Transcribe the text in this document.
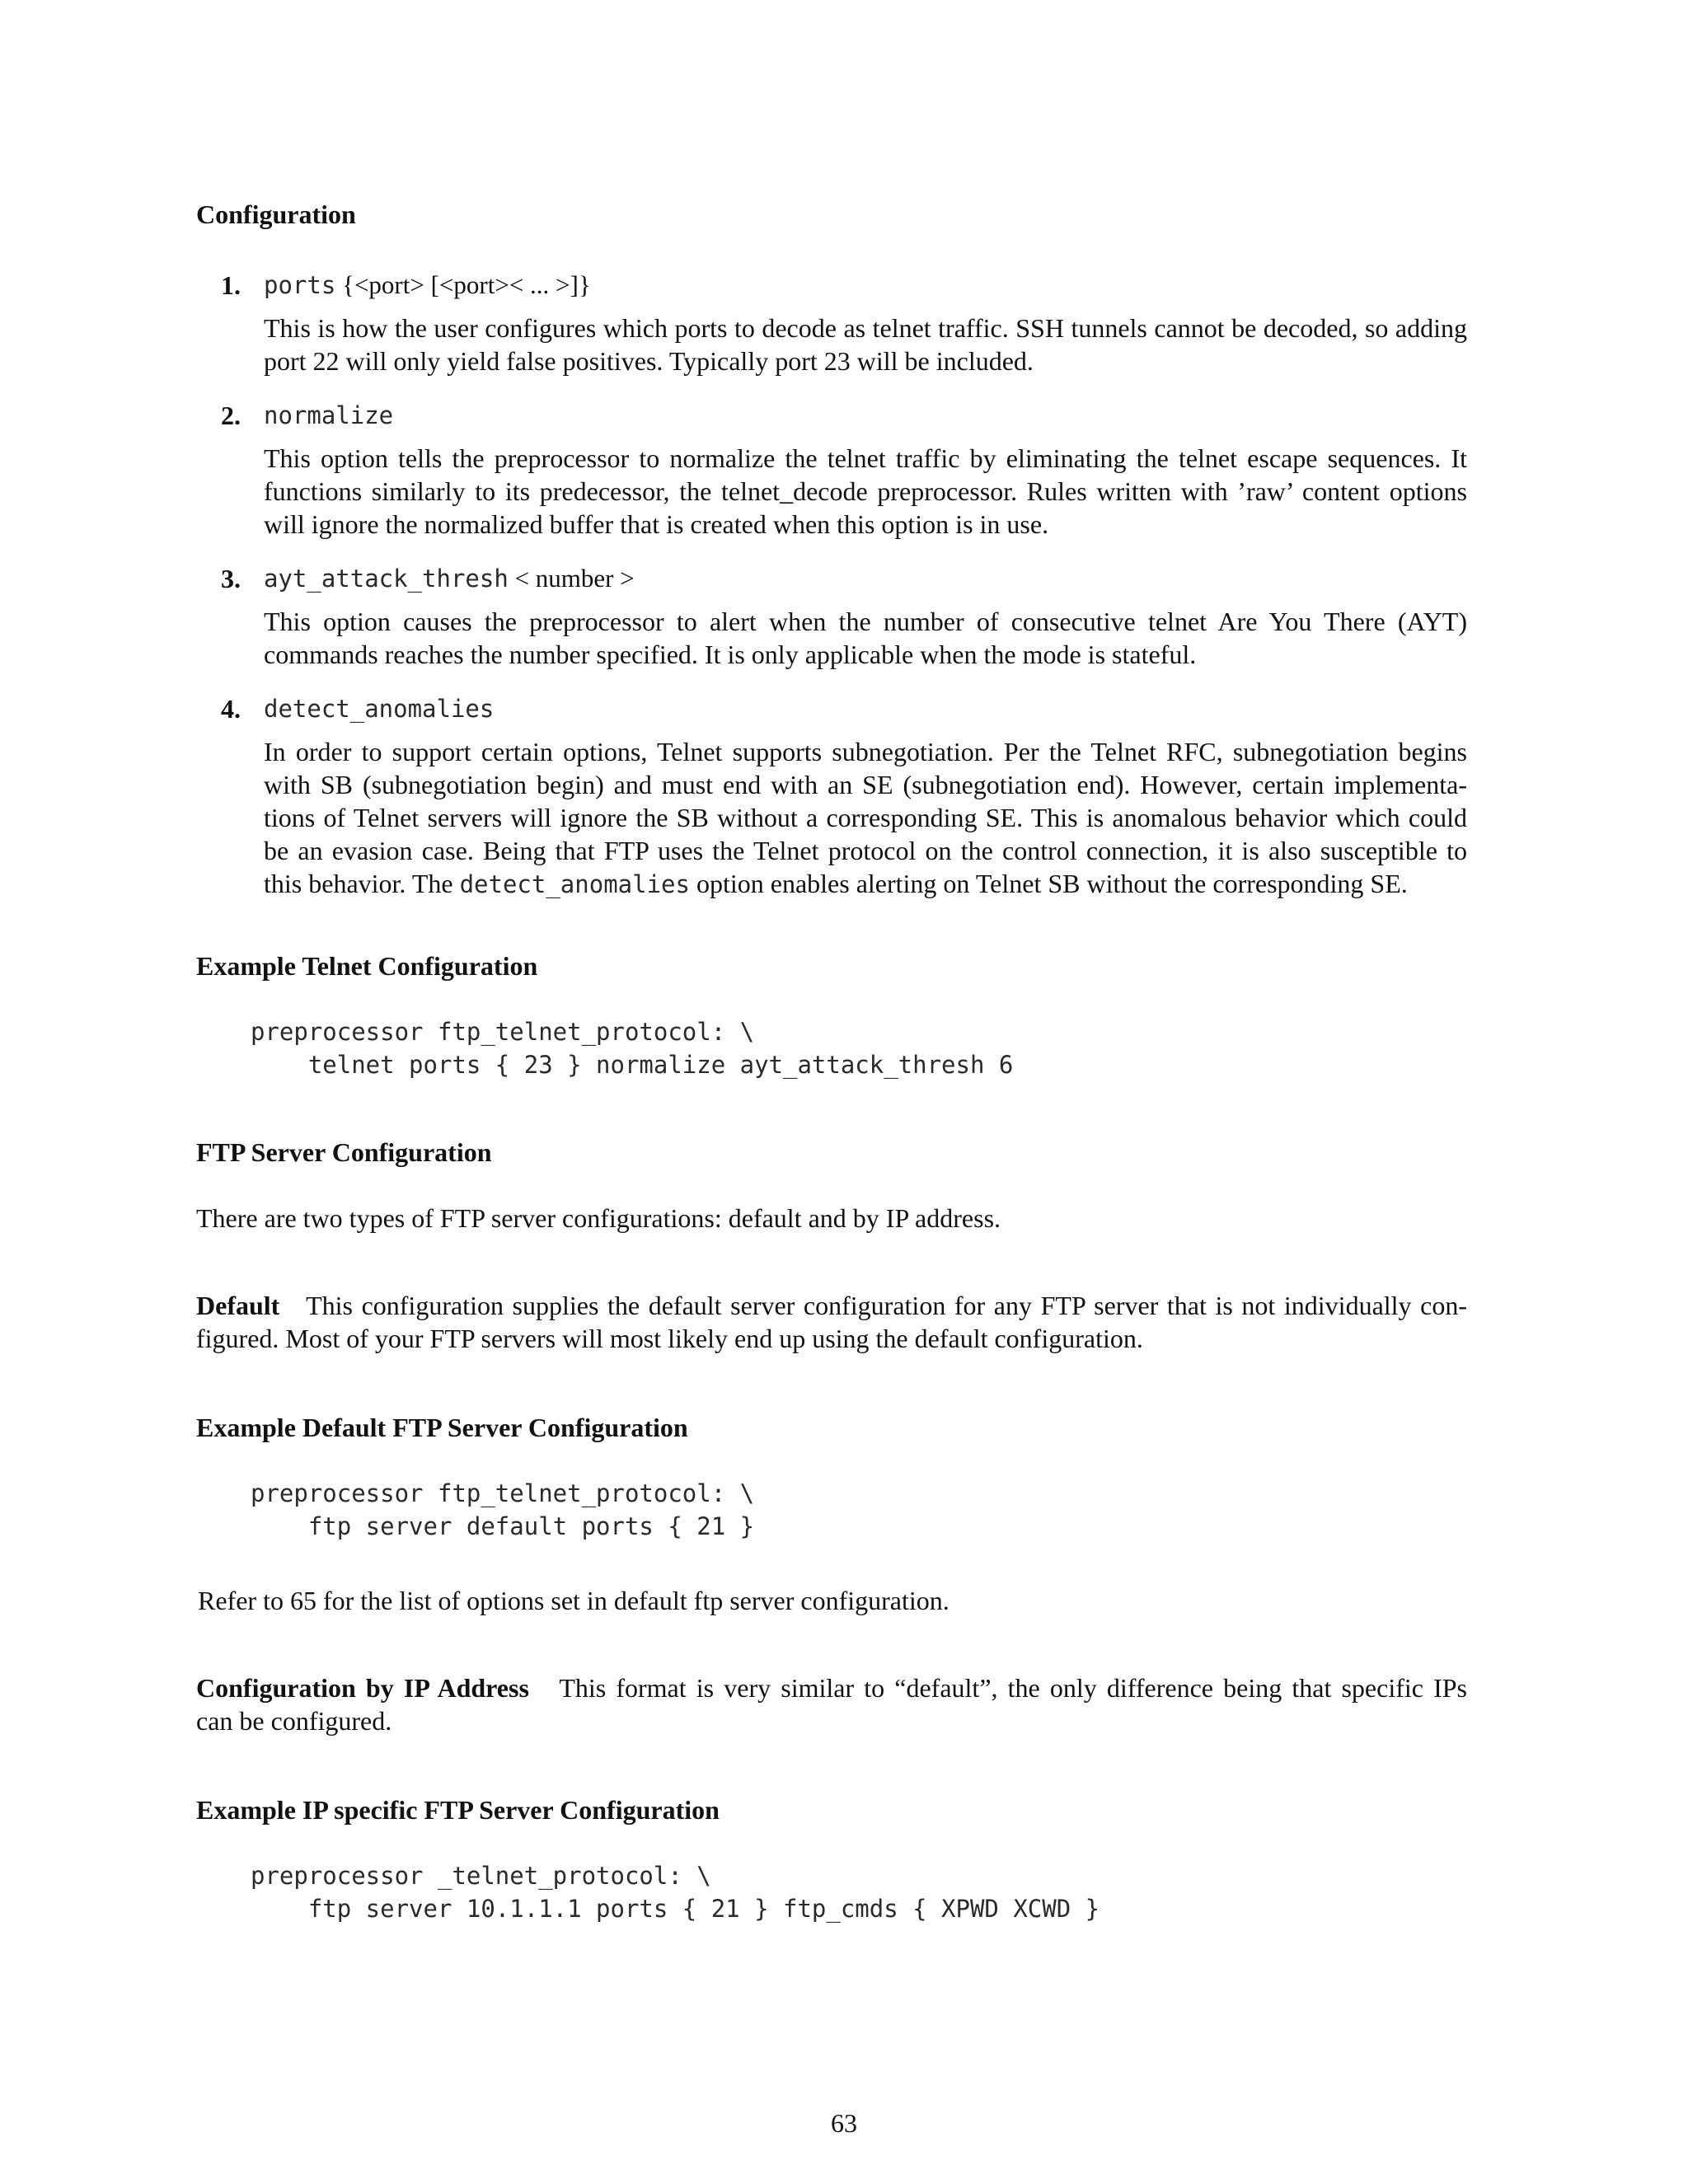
Configuration
1. ports {<port> [<port>< ... >]}
This is how the user configures which ports to decode as telnet traffic. SSH tunnels cannot be decoded, so adding
port 22 will only yield false positives. Typically port 23 will be included.
2. normalize
This option tells the preprocessor to normalize the telnet traffic by eliminating the telnet escape sequences. It
functions similarly to its predecessor, the telnet_decode preprocessor. Rules written with ’raw’ content options
will ignore the normalized buffer that is created when this option is in use.
3. ayt_attack_thresh < number >
This option causes the preprocessor to alert when the number of consecutive telnet Are You There (AYT)
commands reaches the number specified. It is only applicable when the mode is stateful.
4. detect_anomalies
In order to support certain options, Telnet supports subnegotiation. Per the Telnet RFC, subnegotiation begins
with SB (subnegotiation begin) and must end with an SE (subnegotiation end). However, certain implementa-
tions of Telnet servers will ignore the SB without a corresponding SE. This is anomalous behavior which could
be an evasion case. Being that FTP uses the Telnet protocol on the control connection, it is also susceptible to
this behavior. The detect_anomalies option enables alerting on Telnet SB without the corresponding SE.
Example Telnet Configuration
preprocessor ftp_telnet_protocol: \
telnet ports { 23 } normalize ayt_attack_thresh 6
FTP Server Configuration
There are two types of FTP server configurations: default and by IP address.
Default This configuration supplies the default server configuration for any FTP server that is not individually con-
figured. Most of your FTP servers will most likely end up using the default configuration.
Example Default FTP Server Configuration
preprocessor ftp_telnet_protocol: \
ftp server default ports { 21 }
Refer to 65 for the list of options set in default ftp server configuration.
Configuration by IP Address This format is very similar to “default”, the only difference being that specific IPs
can be configured.
Example IP specific FTP Server Configuration
preprocessor _telnet_protocol: \
ftp server 10.1.1.1 ports { 21 } ftp_cmds { XPWD XCWD }
63
